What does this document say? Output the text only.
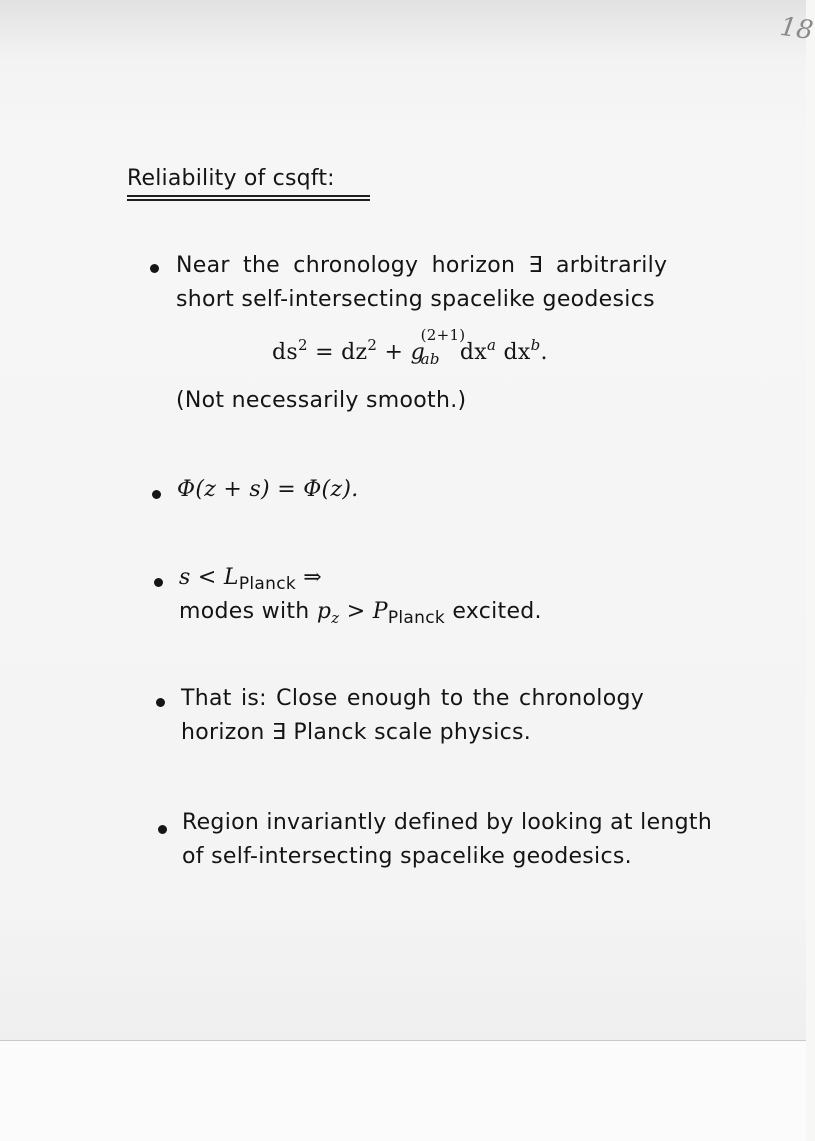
18
Reliability of csqft:
Near the chronology horizon ∃ arbitrarily
short self-intersecting spacelike geodesics
$ds^2 = dz^2 + g$
(2+1)
ab $dx^a$ $dx^b$.
(Not necessarily smooth.)
Φ(z + s) = Φ(z).
$s < L_{Planck}$ ⇒
modes with $p_z > P_{Planck}$ excited.
That is: Close enough to the chronology
horizon ∃ Planck scale physics.
Region invariantly defined by looking at length
of self-intersecting spacelike geodesics.
